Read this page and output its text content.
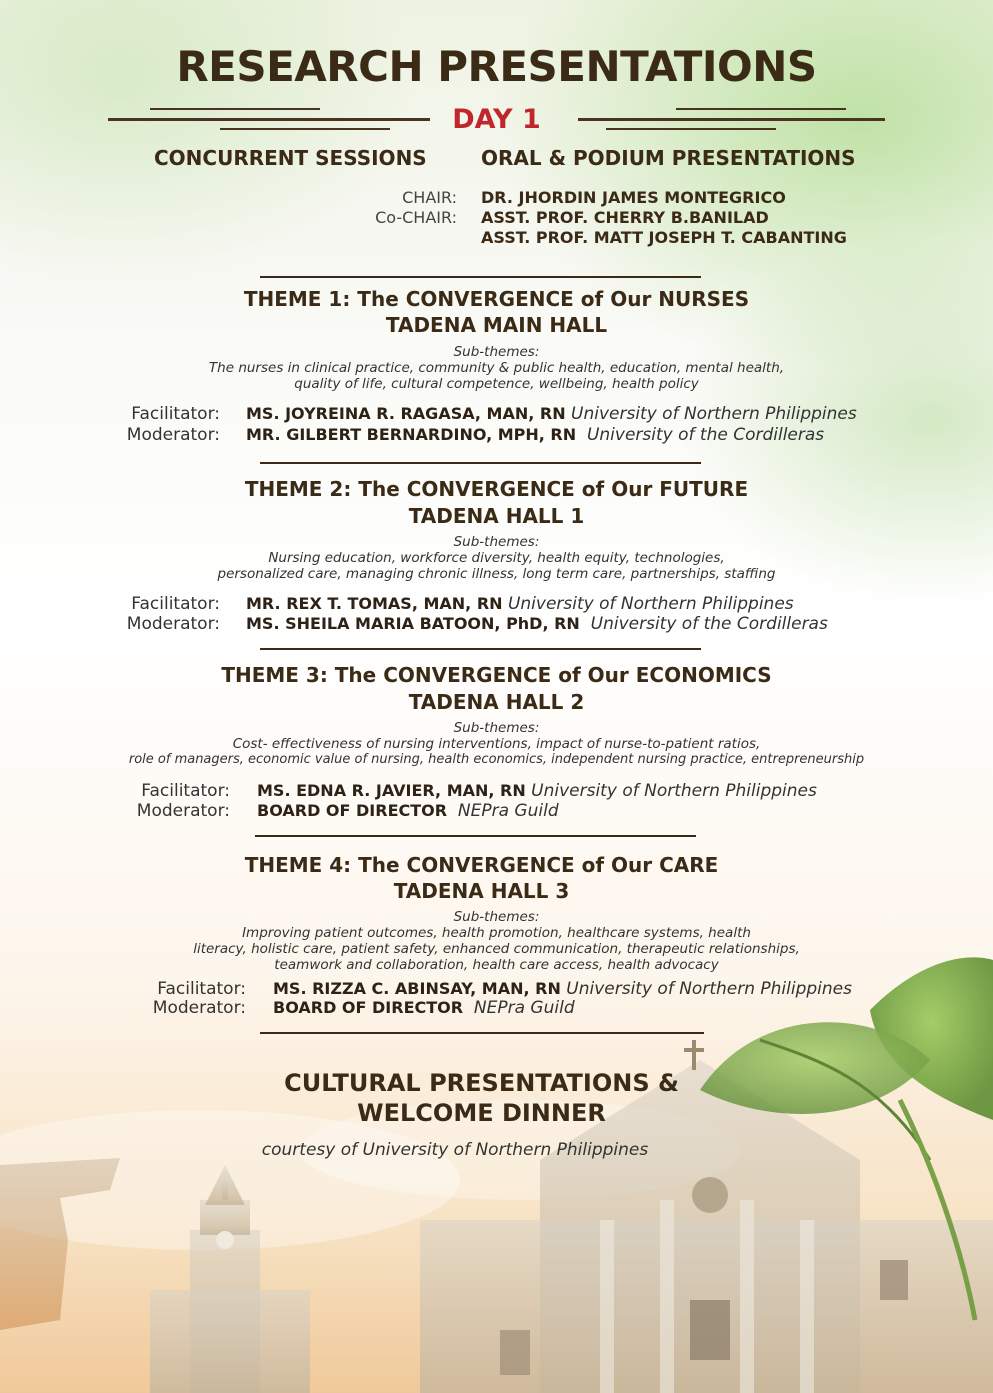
RESEARCH PRESENTATIONS
DAY 1
CONCURRENT SESSIONS	ORAL & PODIUM PRESENTATIONS
CHAIR:
Co-CHAIR:
DR. JHORDIN JAMES MONTEGRICO
ASST. PROF. CHERRY B.BANILAD
ASST. PROF. MATT JOSEPH T. CABANTING
THEME 1: The CONVERGENCE of Our NURSES
TADENA MAIN HALL
Sub-themes:
The nurses in clinical practice, community & public health, education, mental health,
quality of life, cultural competence, wellbeing, health policy
Facilitator: MS. JOYREINA R. RAGASA, MAN, RN University of Northern Philippines
Moderator: MR. GILBERT BERNARDINO, MPH, RN University of the Cordilleras
THEME 2: The CONVERGENCE of Our FUTURE
TADENA HALL 1
Sub-themes:
Nursing education, workforce diversity, health equity, technologies,
personalized care, managing chronic illness, long term care, partnerships, staffing
Facilitator: MR. REX T. TOMAS, MAN, RN University of Northern Philippines
Moderator: MS. SHEILA MARIA BATOON, PhD, RN University of the Cordilleras
THEME 3: The CONVERGENCE of Our ECONOMICS
TADENA HALL 2
Sub-themes:
Cost- effectiveness of nursing interventions, impact of nurse-to-patient ratios,
role of managers, economic value of nursing, health economics, independent nursing practice, entrepreneurship
Facilitator: MS. EDNA R. JAVIER, MAN, RN University of Northern Philippines
Moderator: BOARD OF DIRECTOR NEPra Guild
THEME 4: The CONVERGENCE of Our CARE
TADENA HALL 3
Sub-themes:
Improving patient outcomes, health promotion, healthcare systems, health
literacy, holistic care, patient safety, enhanced communication, therapeutic relationships,
teamwork and collaboration, health care access, health advocacy
Facilitator: MS. RIZZA C. ABINSAY, MAN, RN University of Northern Philippines
Moderator: BOARD OF DIRECTOR NEPra Guild
CULTURAL PRESENTATIONS &
WELCOME DINNER
courtesy of University of Northern Philippines
